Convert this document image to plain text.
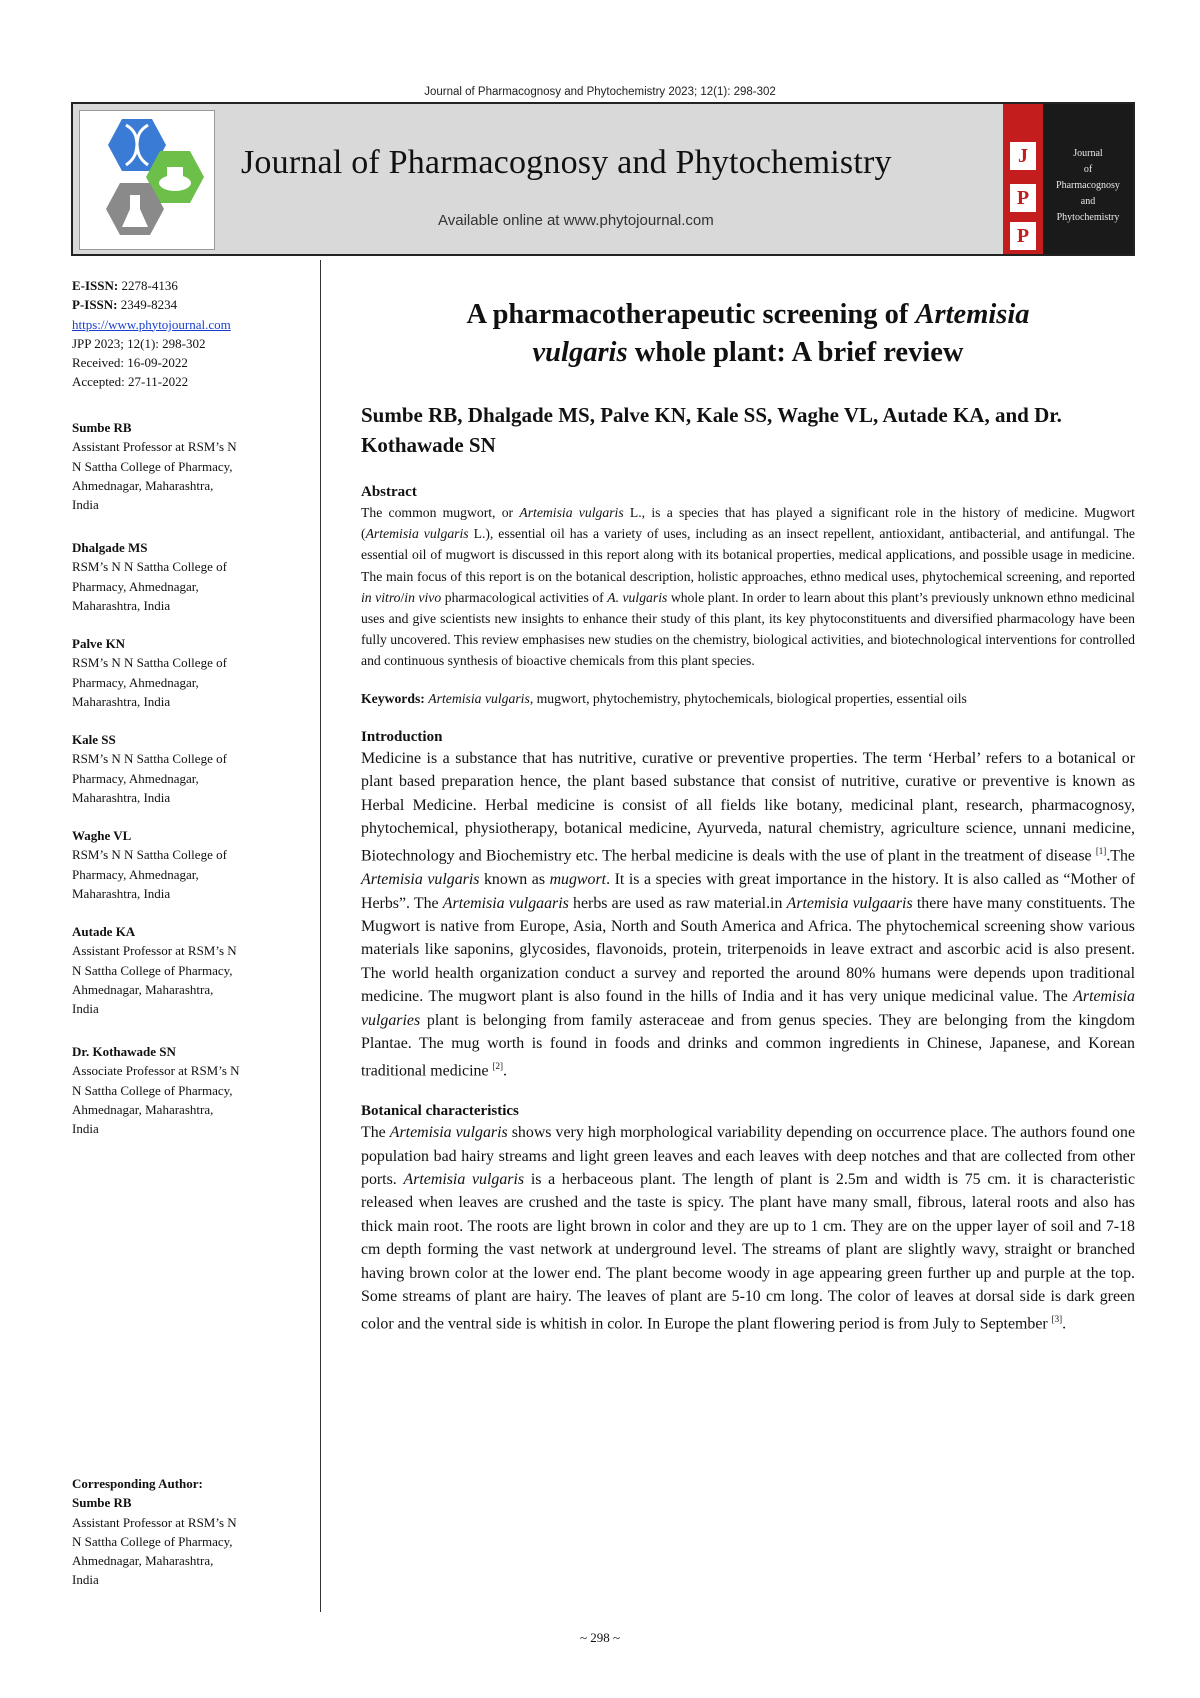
Journal of Pharmacognosy and Phytochemistry 2023; 12(1): 298-302
Journal of Pharmacognosy and Phytochemistry
Available online at www.phytojournal.com
J
P
P
Journal
of
Pharmacognosy
and
Phytochemistry
E-ISSN: 2278-4136
P-ISSN: 2349-8234
https://www.phytojournal.com
JPP 2023; 12(1): 298-302
Received: 16-09-2022
Accepted: 27-11-2022
Sumbe RB
Assistant Professor at RSM’s N
N Sattha College of Pharmacy,
Ahmednagar, Maharashtra,
India
Dhalgade MS
RSM’s N N Sattha College of
Pharmacy, Ahmednagar,
Maharashtra, India
Palve KN
RSM’s N N Sattha College of
Pharmacy, Ahmednagar,
Maharashtra, India
Kale SS
RSM’s N N Sattha College of
Pharmacy, Ahmednagar,
Maharashtra, India
Waghe VL
RSM’s N N Sattha College of
Pharmacy, Ahmednagar,
Maharashtra, India
Autade KA
Assistant Professor at RSM’s N
N Sattha College of Pharmacy,
Ahmednagar, Maharashtra,
India
Dr. Kothawade SN
Associate Professor at RSM’s N
N Sattha College of Pharmacy,
Ahmednagar, Maharashtra,
India
Corresponding Author:
Sumbe RB
Assistant Professor at RSM’s N
N Sattha College of Pharmacy,
Ahmednagar, Maharashtra,
India
A pharmacotherapeutic screening of Artemisia
vulgaris whole plant: A brief review
Sumbe RB, Dhalgade MS, Palve KN, Kale SS, Waghe VL, Autade KA, and Dr. Kothawade SN
Abstract
The common mugwort, or Artemisia vulgaris L., is a species that has played a significant role in the history of medicine. Mugwort (Artemisia vulgaris L.), essential oil has a variety of uses, including as an insect repellent, antioxidant, antibacterial, and antifungal. The essential oil of mugwort is discussed in this report along with its botanical properties, medical applications, and possible usage in medicine. The main focus of this report is on the botanical description, holistic approaches, ethno medical uses, phytochemical screening, and reported in vitro/in vivo pharmacological activities of A. vulgaris whole plant. In order to learn about this plant’s previously unknown ethno medicinal uses and give scientists new insights to enhance their study of this plant, its key phytoconstituents and diversified pharmacology have been fully uncovered. This review emphasises new studies on the chemistry, biological activities, and biotechnological interventions for controlled and continuous synthesis of bioactive chemicals from this plant species.
Keywords: Artemisia vulgaris, mugwort, phytochemistry, phytochemicals, biological properties, essential oils
Introduction
Medicine is a substance that has nutritive, curative or preventive properties. The term ‘Herbal’ refers to a botanical or plant based preparation hence, the plant based substance that consist of nutritive, curative or preventive is known as Herbal Medicine. Herbal medicine is consist of all fields like botany, medicinal plant, research, pharmacognosy, phytochemical, physiotherapy, botanical medicine, Ayurveda, natural chemistry, agriculture science, unnani medicine, Biotechnology and Biochemistry etc. The herbal medicine is deals with the use of plant in the treatment of disease [1].The Artemisia vulgaris known as mugwort. It is a species with great importance in the history. It is also called as “Mother of Herbs”. The Artemisia vulgaaris herbs are used as raw material.in Artemisia vulgaaris there have many constituents. The Mugwort is native from Europe, Asia, North and South America and Africa. The phytochemical screening show various materials like saponins, glycosides, flavonoids, protein, triterpenoids in leave extract and ascorbic acid is also present. The world health organization conduct a survey and reported the around 80% humans were depends upon traditional medicine. The mugwort plant is also found in the hills of India and it has very unique medicinal value. The Artemisia vulgaries plant is belonging from family asteraceae and from genus species. They are belonging from the kingdom Plantae. The mug worth is found in foods and drinks and common ingredients in Chinese, Japanese, and Korean traditional medicine [2].
Botanical characteristics
The Artemisia vulgaris shows very high morphological variability depending on occurrence place. The authors found one population bad hairy streams and light green leaves and each leaves with deep notches and that are collected from other ports. Artemisia vulgaris is a herbaceous plant. The length of plant is 2.5m and width is 75 cm. it is characteristic released when leaves are crushed and the taste is spicy. The plant have many small, fibrous, lateral roots and also has thick main root. The roots are light brown in color and they are up to 1 cm. They are on the upper layer of soil and 7-18 cm depth forming the vast network at underground level. The streams of plant are slightly wavy, straight or branched having brown color at the lower end. The plant become woody in age appearing green further up and purple at the top. Some streams of plant are hairy. The leaves of plant are 5-10 cm long. The color of leaves at dorsal side is dark green color and the ventral side is whitish in color. In Europe the plant flowering period is from July to September [3].
~ 298 ~
